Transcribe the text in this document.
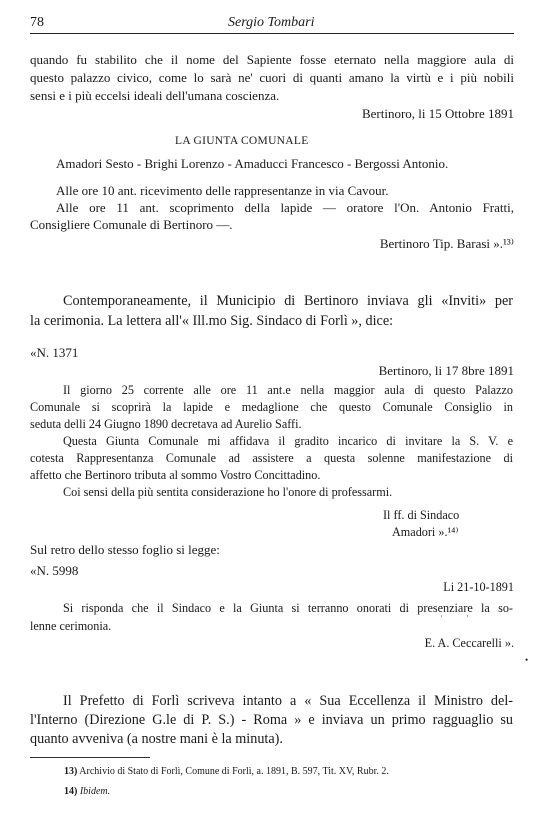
78	Sergio Tombari
quando fu stabilito che il nome del Sapiente fosse eternato nella maggiore aula di
questo palazzo civico, come lo sarà ne' cuori di quanti amano la virtù e i più nobili
sensi e i più eccelsi ideali dell'umana coscienza.
Bertinoro, li 15 Ottobre 1891
LA GIUNTA COMUNALE
Amadori Sesto - Brighi Lorenzo - Amaducci Francesco - Bergossi Antonio.
Alle ore 10 ant. ricevimento delle rappresentanze in via Cavour.
Alle ore 11 ant. scoprimento della lapide — oratore l'On. Antonio Fratti,
Consigliere Comunale di Bertinoro —.
Bertinoro Tip. Barasi ».¹³⁾
Contemporaneamente, il Municipio di Bertinoro inviava gli «Inviti» per
la cerimonia. La lettera all'« Ill.mo Sig. Sindaco di Forlì », dice:
«N. 1371
Bertinoro, li 17 8bre 1891
Il giorno 25 corrente alle ore 11 ant.e nella maggior aula di questo Palazzo
Comunale si scoprirà la lapide e medaglione che questo Comunale Consiglio in
seduta delli 24 Giugno 1890 decretava ad Aurelio Saffi.
Questa Giunta Comunale mi affidava il gradito incarico di invitare la S. V. e
cotesta Rappresentanza Comunale ad assistere a questa solenne manifestazione di
affetto che Bertinoro tributa al sommo Vostro Concittadino.
Coi sensi della più sentita considerazione ho l'onore di professarmi.
Il ff. di Sindaco
Amadori ».¹⁴⁾
Sul retro dello stesso foglio si legge:
«N. 5998
Li 21-10-1891
Si risponda che il Sindaco e la Giunta si terranno onorati di presenziare la so-
lenne cerimonia.
E. A. Ceccarelli ».
ʿ	ʾ
•
Il Prefetto di Forlì scriveva intanto a « Sua Eccellenza il Ministro del-
l'Interno (Direzione G.le di P. S.) - Roma » e inviava un primo ragguaglio su
quanto avveniva (a nostre mani è la minuta).
13) Archivio di Stato di Forlì, Comune di Forlì, a. 1891, B. 597, Tit. XV, Rubr. 2.
14) Ibidem.
